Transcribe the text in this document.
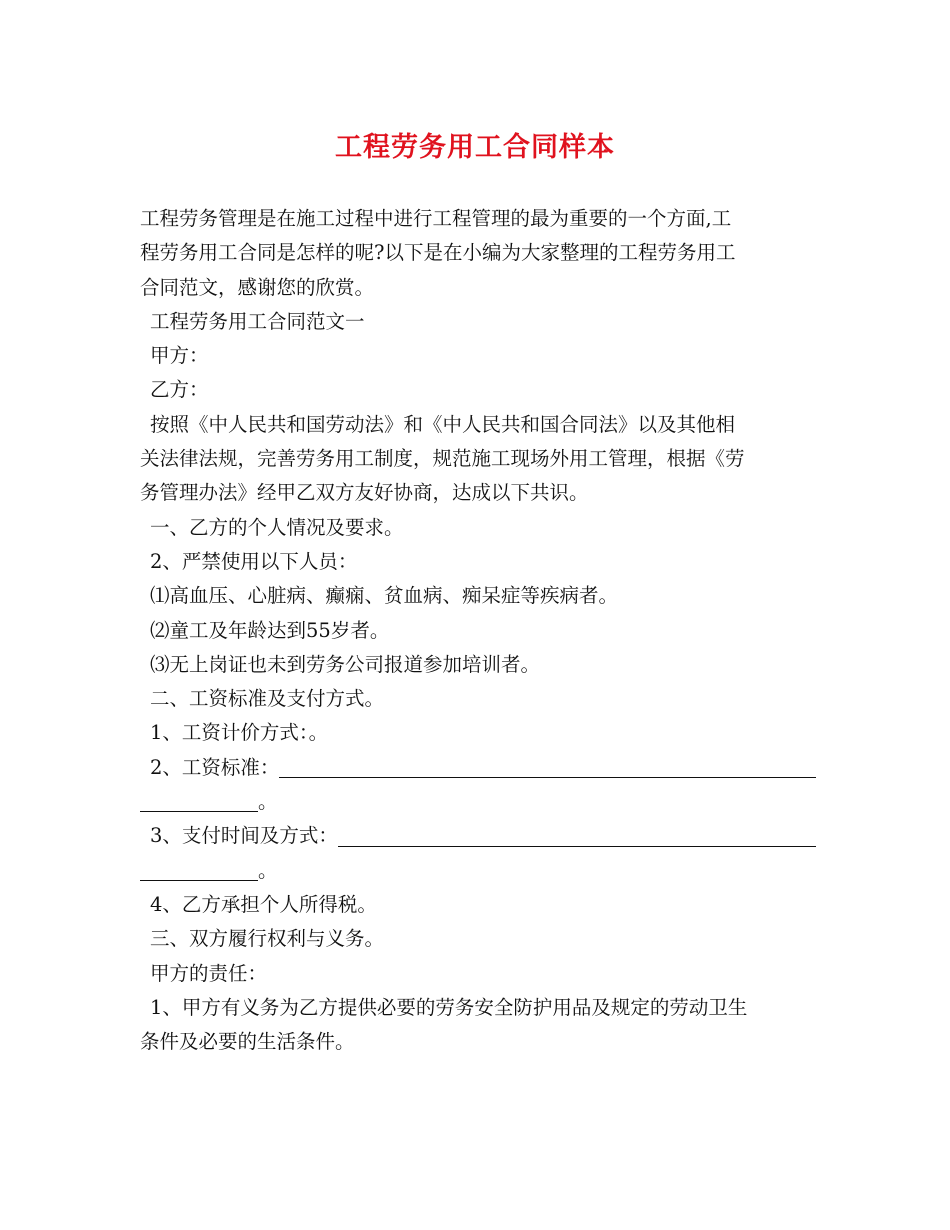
工程劳务用工合同样本
工程劳务管理是在施工过程中进行工程管理的最为重要的一个方面,工
程劳务用工合同是怎样的呢?以下是在小编为大家整理的工程劳务用工
合同范文，感谢您的欣赏。
工程劳务用工合同范文一
甲方：
乙方：
按照《中人民共和国劳动法》和《中人民共和国合同法》以及其他相
关法律法规，完善劳务用工制度，规范施工现场外用工管理，根据《劳
务管理办法》经甲乙双方友好协商，达成以下共识。
一、乙方的个人情况及要求。
2、严禁使用以下人员：
⑴高血压、心脏病、癫痫、贫血病、痴呆症等疾病者。
⑵童工及年龄达到55岁者。
⑶无上岗证也未到劳务公司报道参加培训者。
二、工资标准及支付方式。
1、工资计价方式：。
2、工资标准：
。
3、支付时间及方式：
。
4、乙方承担个人所得税。
三、双方履行权利与义务。
甲方的责任：
1、甲方有义务为乙方提供必要的劳务安全防护用品及规定的劳动卫生
条件及必要的生活条件。
